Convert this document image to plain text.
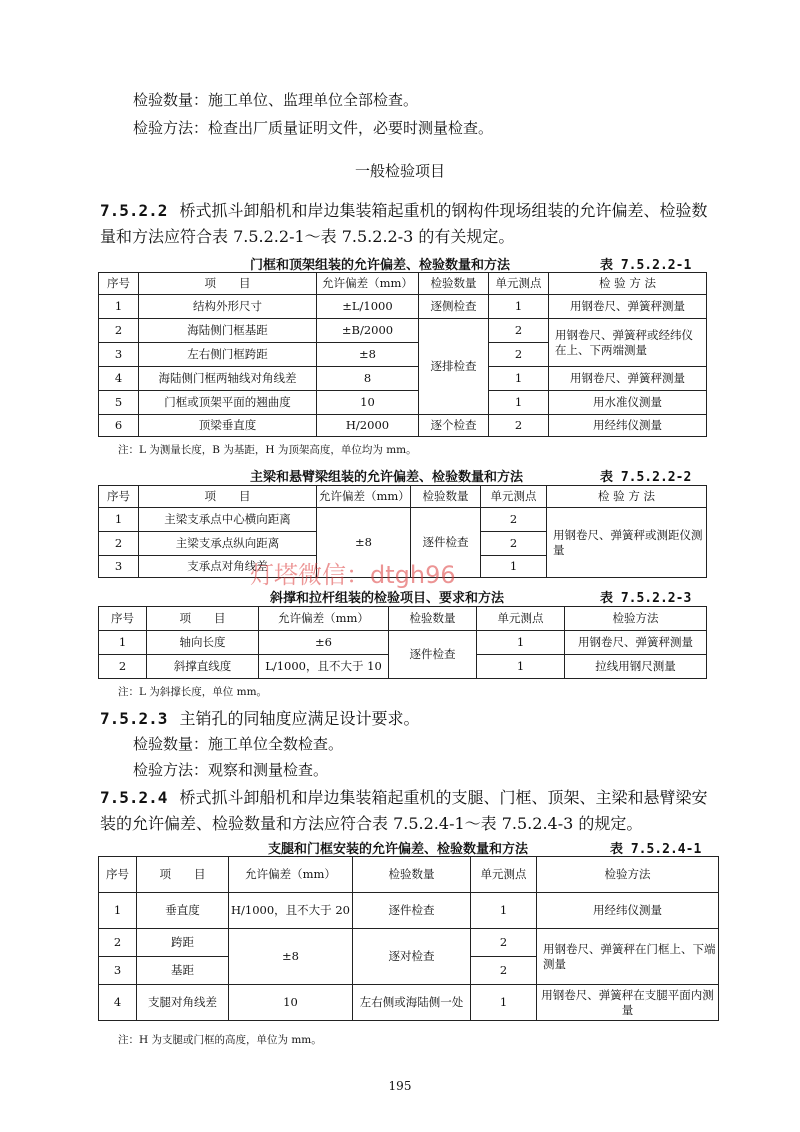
检验数量：施工单位、监理单位全部检查。
检验方法：检查出厂质量证明文件，必要时测量检查。
一般检验项目
7.5.2.2 桥式抓斗卸船机和岸边集装箱起重机的钢构件现场组装的允许偏差、检验数
量和方法应符合表 7.5.2.2-1～表 7.5.2.2-3 的有关规定。
门框和顶架组装的允许偏差、检验数量和方法	表 7.5.2.2-1
序号	项　　目	允许偏差（mm）	检验数量	单元测点	检 验 方 法
1	结构外形尺寸	±L/1000	逐侧检查	1	用钢卷尺、弹簧秤测量
2	海陆侧门框基距	±B/2000	逐排检查	2	用钢卷尺、弹簧秤或经纬仪在上、下两端测量
3	左右侧门框跨距	±8		2	
4	海陆侧门框两轴线对角线差	8		1	用钢卷尺、弹簧秤测量
5	门框或顶架平面的翘曲度	10		1	用水准仪测量
6	顶梁垂直度	H/2000	逐个检查	2	用经纬仪测量
注：L 为测量长度，B 为基距，H 为顶架高度，单位均为 mm。
主梁和悬臂梁组装的允许偏差、检验数量和方法	表 7.5.2.2-2
序号	项　　目	允许偏差（mm）	检验数量	单元测点	检 验 方 法
1	主梁支承点中心横向距离	±8	逐件检查	2	用钢卷尺、弹簧秤或测距仪测量
2	主梁支承点纵向距离			2	
3	支承点对角线差			1	
灯塔微信：dtgh96
斜撑和拉杆组装的检验项目、要求和方法	表 7.5.2.2-3
序号	项　　目	允许偏差（mm）	检验数量	单元测点	检验方法
1	轴向长度	±6	逐件检查	1	用钢卷尺、弹簧秤测量
2	斜撑直线度	L/1000，且不大于 10		1	拉线用钢尺测量
注：L 为斜撑长度，单位 mm。
7.5.2.3 主销孔的同轴度应满足设计要求。
检验数量：施工单位全数检查。
检验方法：观察和测量检查。
7.5.2.4 桥式抓斗卸船机和岸边集装箱起重机的支腿、门框、顶架、主梁和悬臂梁安
装的允许偏差、检验数量和方法应符合表 7.5.2.4-1～表 7.5.2.4-3 的规定。
支腿和门框安装的允许偏差、检验数量和方法	表 7.5.2.4-1
序号	项　　目	允许偏差（mm）	检验数量	单元测点	检验方法
1	垂直度	H/1000，且不大于 20	逐件检查	1	用经纬仪测量
2	跨距	±8	逐对检查	2	用钢卷尺、弹簧秤在门框上、下端测量
3	基距			2	
4	支腿对角线差	10	左右侧或海陆侧一处	1	用钢卷尺、弹簧秤在支腿平面内测量
注：H 为支腿或门框的高度，单位为 mm。
195
